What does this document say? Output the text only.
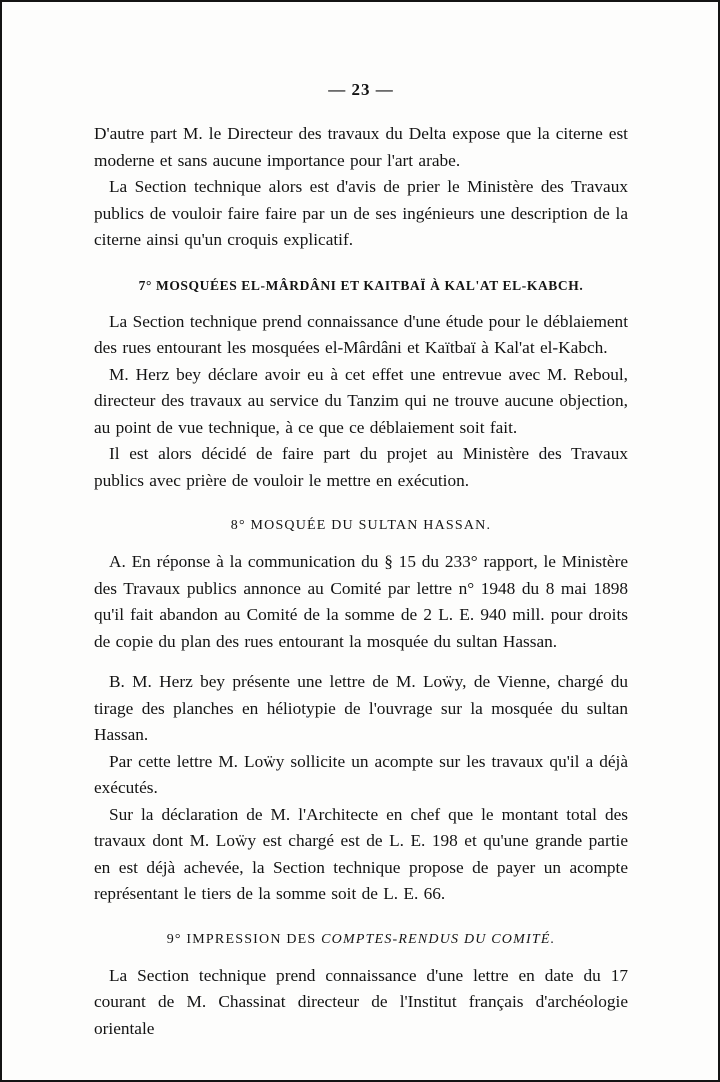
— 23 —

D'autre part M. le Directeur des travaux du Delta expose que la citerne est moderne et sans aucune importance pour l'art arabe.

La Section technique alors est d'avis de prier le Ministère des Travaux publics de vouloir faire faire par un de ses ingénieurs une description de la citerne ainsi qu'un croquis explicatif.

7° MOSQUÉES EL-MÂRDÂNI ET KAITBAÏ À KAL'AT EL-KABCH.

La Section technique prend connaissance d'une étude pour le déblaiement des rues entourant les mosquées el-Mârdâni et Kaïtbaï à Kal'at el-Kabch.

M. Herz bey déclare avoir eu à cet effet une entrevue avec M. Reboul, directeur des travaux au service du Tanzim qui ne trouve aucune objection, au point de vue technique, à ce que ce déblaiement soit fait.

Il est alors décidé de faire part du projet au Ministère des Travaux publics avec prière de vouloir le mettre en exécution.

8° MOSQUÉE DU SULTAN HASSAN.

A. En réponse à la communication du § 15 du 233° rapport, le Ministère des Travaux publics annonce au Comité par lettre n° 1948 du 8 mai 1898 qu'il fait abandon au Comité de la somme de 2 L. E. 940 mill. pour droits de copie du plan des rues entourant la mosquée du sultan Hassan.

B. M. Herz bey présente une lettre de M. Loẅy, de Vienne, chargé du tirage des planches en héliotypie de l'ouvrage sur la mosquée du sultan Hassan.

Par cette lettre M. Loẅy sollicite un acompte sur les travaux qu'il a déjà exécutés.

Sur la déclaration de M. l'Architecte en chef que le montant total des travaux dont M. Loẅy est chargé est de L. E. 198 et qu'une grande partie en est déjà achevée, la Section technique propose de payer un acompte représentant le tiers de la somme soit de L. E. 66.

9° IMPRESSION DES COMPTES-RENDUS DU COMITÉ.

La Section technique prend connaissance d'une lettre en date du 17 courant de M. Chassinat directeur de l'Institut français d'archéologie orientale
